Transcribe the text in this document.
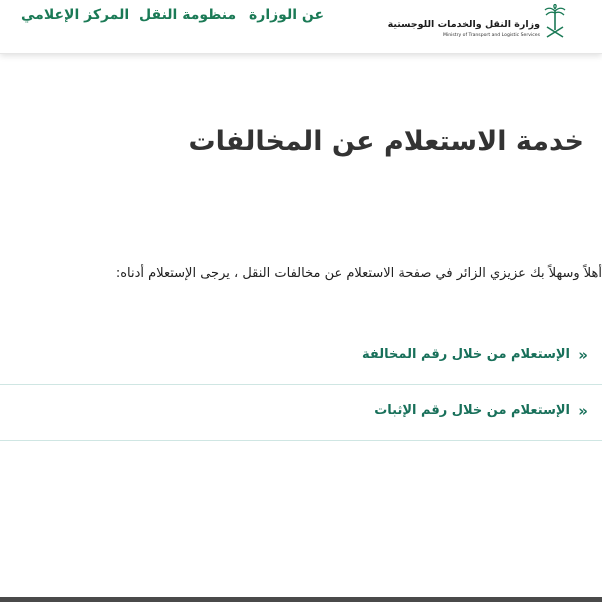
وزارة النقل والخدمات اللوجستية
Ministry of Transport and Logistic Services
عن الوزارة
منظومة النقل
المركز الإعلامي
خدمة الاستعلام عن المخالفات

أهلاً وسهلاً بك عزيزي الزائر في صفحة الاستعلام عن مخالفات النقل ، يرجى الإستعلام أدناه:

«
الإستعلام من خلال رقم المخالفة
«
الإستعلام من خلال رقم الإثبات
